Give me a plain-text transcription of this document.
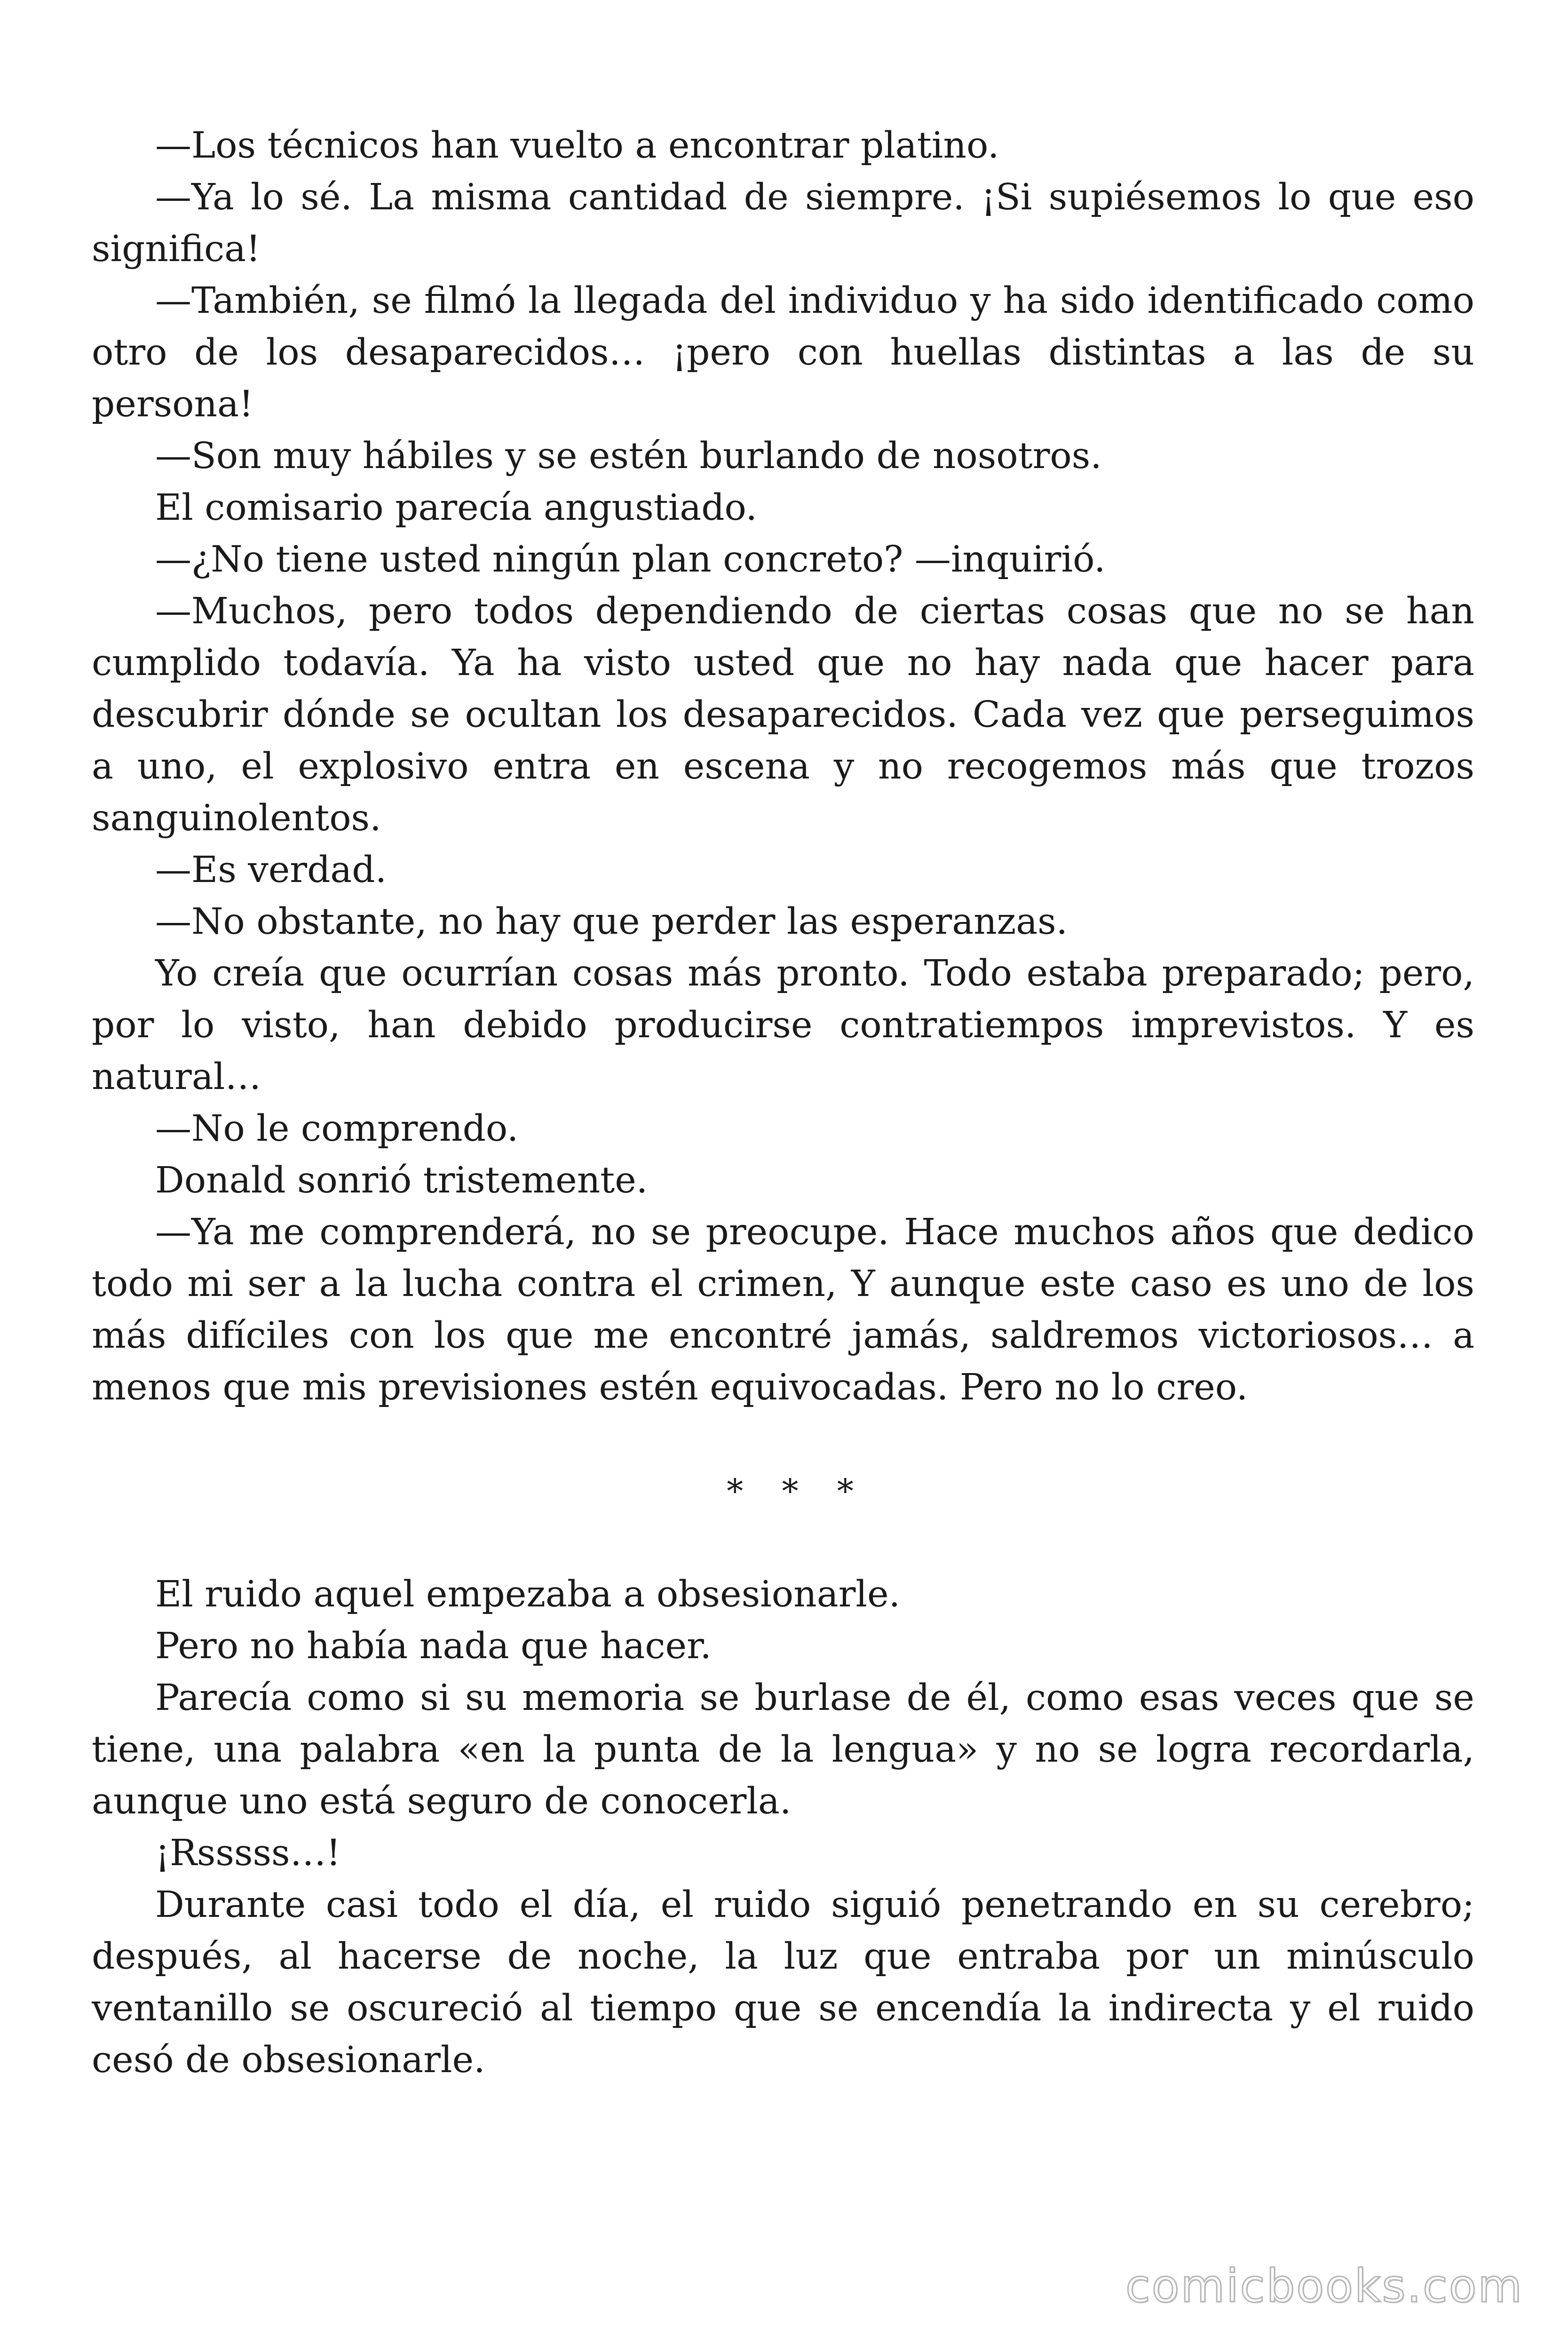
—Los técnicos han vuelto a encontrar platino.

—Ya lo sé. La misma cantidad de siempre. ¡Si supiésemos lo que eso significa!

—También, se filmó la llegada del individuo y ha sido identificado como otro de los desaparecidos… ¡pero con huellas distintas a las de su persona!

—Son muy hábiles y se estén burlando de nosotros.

El comisario parecía angustiado.

—¿No tiene usted ningún plan concreto? —inquirió.

—Muchos, pero todos dependiendo de ciertas cosas que no se han cumplido todavía. Ya ha visto usted que no hay nada que hacer para descubrir dónde se ocultan los desaparecidos. Cada vez que perseguimos a uno, el explosivo entra en escena y no recogemos más que trozos sanguinolentos.

—Es verdad.

—No obstante, no hay que perder las esperanzas.

Yo creía que ocurrían cosas más pronto. Todo estaba preparado; pero, por lo visto, han debido producirse contratiempos imprevistos. Y es natural…

—No le comprendo.

Donald sonrió tristemente.

—Ya me comprenderá, no se preocupe. Hace muchos años que dedico todo mi ser a la lucha contra el crimen, Y aunque este caso es uno de los más difíciles con los que me encontré jamás, saldremos victoriosos… a menos que mis previsiones estén equivocadas. Pero no lo creo.

* * *

El ruido aquel empezaba a obsesionarle.

Pero no había nada que hacer.

Parecía como si su memoria se burlase de él, como esas veces que se tiene, una palabra «en la punta de la lengua» y no se logra recordarla, aunque uno está seguro de conocerla.

¡Rsssss…!

Durante casi todo el día, el ruido siguió penetrando en su cerebro; después, al hacerse de noche, la luz que entraba por un minúsculo ventanillo se oscureció al tiempo que se encendía la indirecta y el ruido cesó de obsesionarle.

comicbooks.com
